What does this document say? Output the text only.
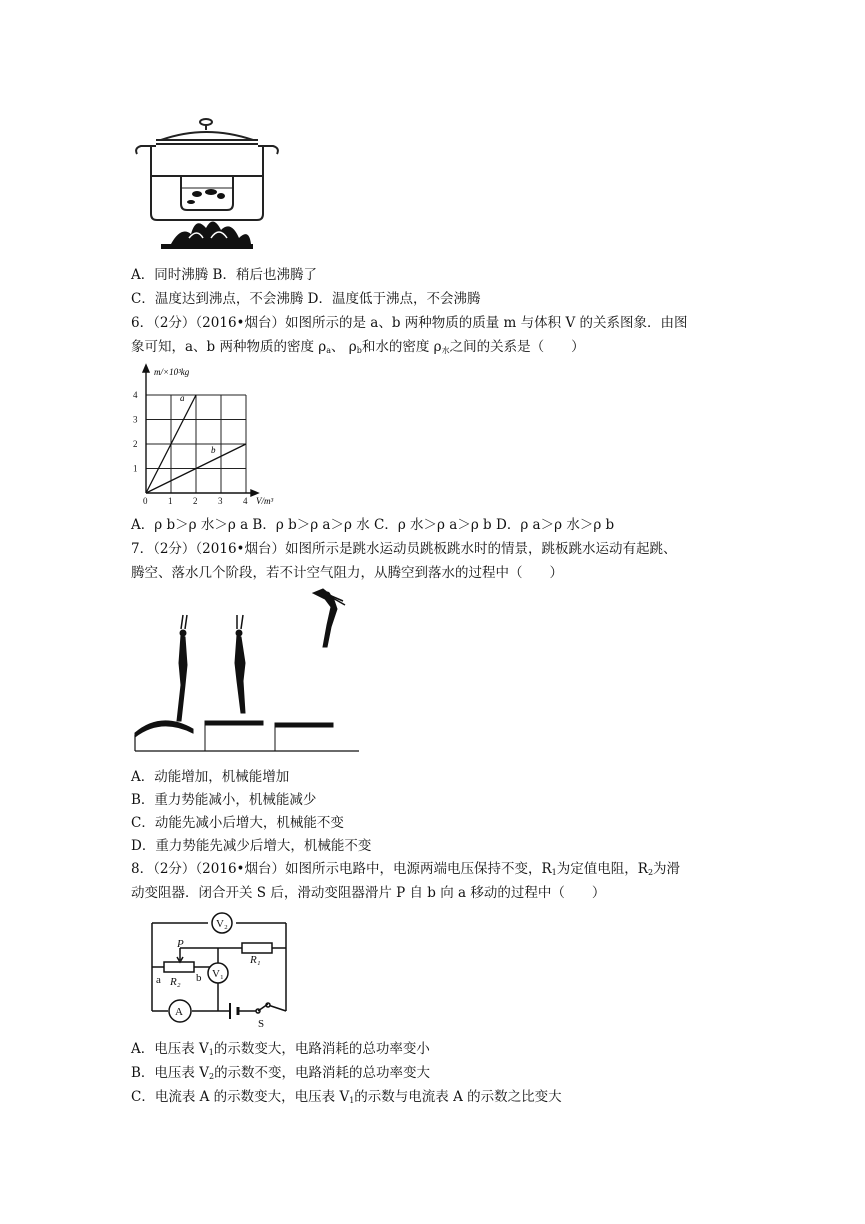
A．同时沸腾 B．稍后也沸腾了
C．温度达到沸点，不会沸腾 D．温度低于沸点，不会沸腾
6．（2分）（2016•烟台）如图所示的是 a、b 两种物质的质量 m 与体积 V 的关系图象．由图
象可知，a、b 两种物质的密度 $\rho_a$、 $\rho_b$和水的密度 $\rho_水$之间的关系是（　　）
0 1 2 3 4
1
2
3
4
m/×10³kg
V/m³
a
b
A．ρ b＞ρ 水＞ρ a B．ρ b＞ρ a＞ρ 水 C．ρ 水＞ρ a＞ρ b D．ρ a＞ρ 水＞ρ b
7．（2分）（2016•烟台）如图所示是跳水运动员跳板跳水时的情景，跳板跳水运动有起跳、
腾空、落水几个阶段，若不计空气阻力，从腾空到落水的过程中（　　）
A．动能增加，机械能增加
B．重力势能减小，机械能减少
C．动能先减小后增大，机械能不变
D．重力势能先减少后增大，机械能不变
8．（2分）（2016•烟台）如图所示电路中，电源两端电压保持不变，$R_1$为定值电阻，$R_2$为滑
动变阻器．闭合开关 S 后，滑动变阻器滑片 P 自 b 向 a 移动的过程中（　　）
V₂
V₁
P
R₁
R₂
a	b
A
S
A．电压表 $V_1$的示数变大，电路消耗的总功率变小
B．电压表 $V_2$的示数不变，电路消耗的总功率变大
C．电流表 A 的示数变大，电压表 $V_1$的示数与电流表 A 的示数之比变大
